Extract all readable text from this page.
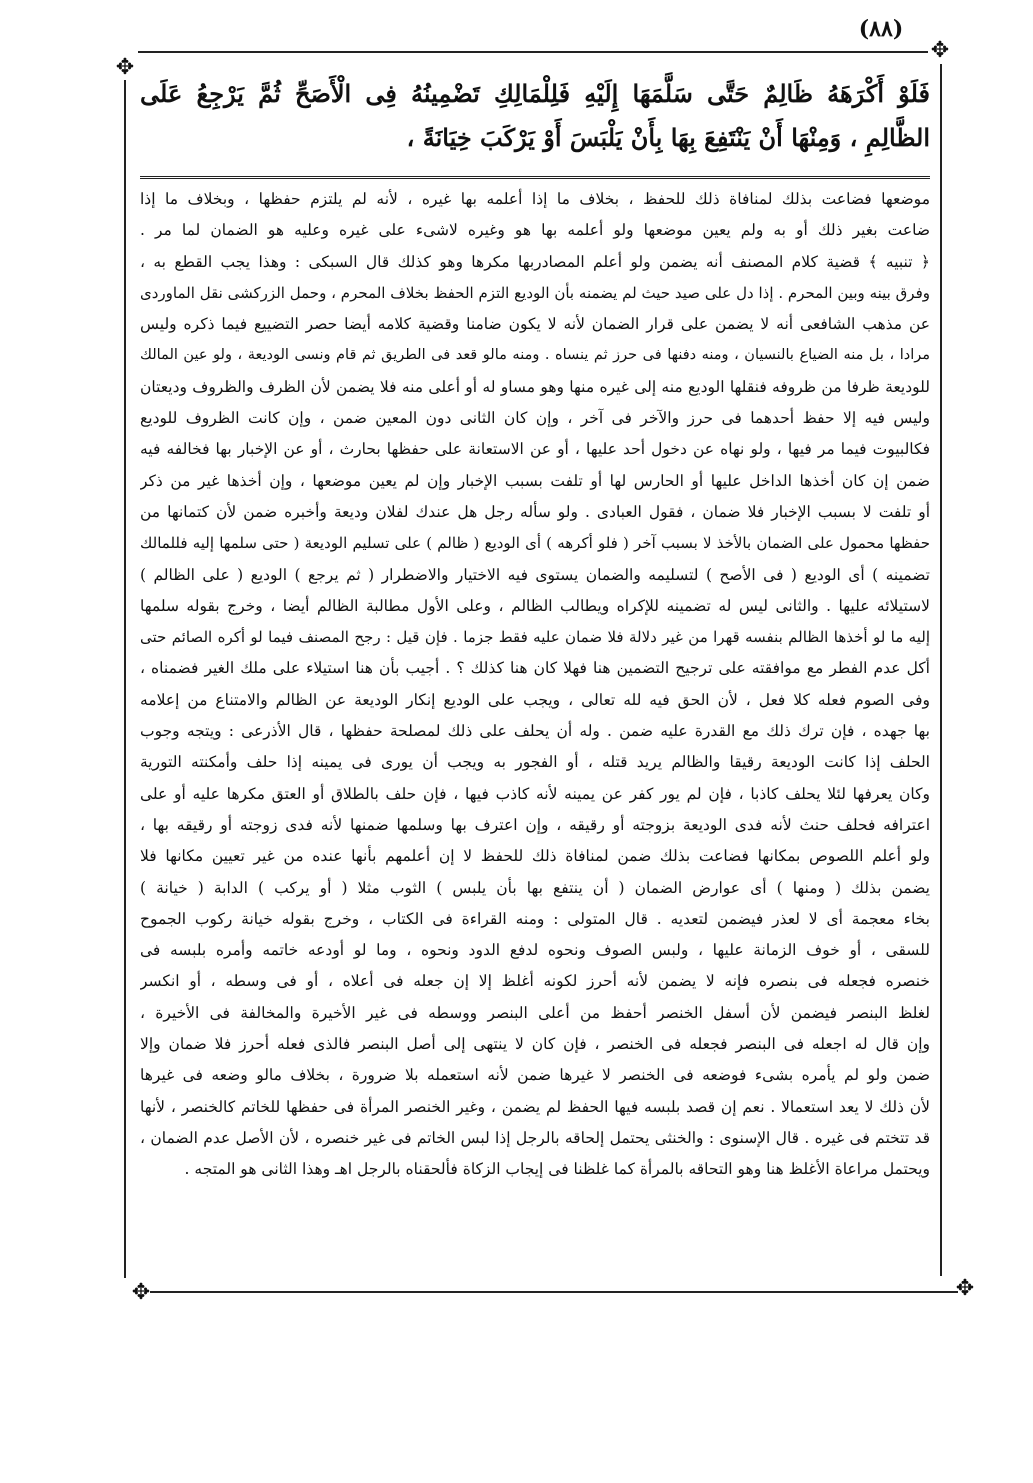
(٨٨)
✥
✥
✥
✥
فَلَوْ أَكْرَهَهُ ظَالِمٌ حَتَّى سَلَّمَهَا إِلَيْهِ فَلِلْمَالِكِ تَضْمِينُهُ فِى الْأَصَحِّ ثُمَّ يَرْجِعُ عَلَى الظَّالِمِ ، وَمِنْهَا أَنْ يَنْتَفِعَ بِهَا بِأَنْ يَلْبَسَ أَوْ يَرْكَبَ خِيَانَةً ،
موضعها فضاعت بذلك لمنافاة ذلك للحفظ ، بخلاف ما إذا أعلمه بها غيره ، لأنه لم يلتزم حفظها ، وبخلاف ما إذا
ضاعت بغير ذلك أو به ولم يعين موضعها ولو أعلمه بها هو وغيره لاشىء على غيره وعليه هو الضمان لما مر .
﴿ تنبيه ﴾ قضية كلام المصنف أنه يضمن ولو أعلم المصادربها مكرها وهو كذلك قال السبكى : وهذا يجب القطع به ،
وفرق بينه وبين المحرم . إذا دل على صيد حيث لم يضمنه بأن الوديع التزم الحفظ بخلاف المحرم ، وحمل الزركشى نقل الماوردى
عن مذهب الشافعى أنه لا يضمن على قرار الضمان لأنه لا يكون ضامنا وقضية كلامه أيضا حصر التضييع فيما ذكره وليس
مرادا ، بل منه الضياع بالنسيان ، ومنه دفنها فى حرز ثم ينساه . ومنه مالو قعد فى الطريق ثم قام ونسى الوديعة ، ولو عين المالك
للوديعة ظرفا من ظروفه فنقلها الوديع منه إلى غيره منها وهو مساو له أو أعلى منه فلا يضمن لأن الظرف والظروف وديعتان
وليس فيه إلا حفظ أحدهما فى حرز والآخر فى آخر ، وإن كان الثانى دون المعين ضمن ، وإن كانت الظروف للوديع
فكالبيوت فيما مر فيها ، ولو نهاه عن دخول أحد عليها ، أو عن الاستعانة على حفظها بحارث ، أو عن الإخبار بها فخالفه فيه
ضمن إن كان أخذها الداخل عليها أو الحارس لها أو تلفت بسبب الإخبار وإن لم يعين موضعها ، وإن أخذها غير من ذكر
أو تلفت لا بسبب الإخبار فلا ضمان ، فقول العبادى . ولو سأله رجل هل عندك لفلان وديعة وأخبره ضمن لأن كتمانها من
حفظها محمول على الضمان بالأخذ لا بسبب آخر ( فلو أكرهه ) أى الوديع ( ظالم ) على تسليم الوديعة ( حتى سلمها إليه فللمالك
تضمينه ) أى الوديع ( فى الأصح ) لتسليمه والضمان يستوى فيه الاختيار والاضطرار ( ثم يرجع ) الوديع ( على الظالم )
لاستيلائه عليها . والثانى ليس له تضمينه للإكراه ويطالب الظالم ، وعلى الأول مطالبة الظالم أيضا ، وخرج بقوله سلمها
إليه ما لو أخذها الظالم بنفسه قهرا من غير دلالة فلا ضمان عليه فقط جزما . فإن قيل : رجح المصنف فيما لو أكره الصائم حتى
أكل عدم الفطر مع موافقته على ترجيح التضمين هنا فهلا كان هنا كذلك ؟ . أجيب بأن هنا استيلاء على ملك الغير فضمناه ،
وفى الصوم فعله كلا فعل ، لأن الحق فيه لله تعالى ، ويجب على الوديع إنكار الوديعة عن الظالم والامتناع من إعلامه
بها جهده ، فإن ترك ذلك مع القدرة عليه ضمن . وله أن يحلف على ذلك لمصلحة حفظها ، قال الأذرعى : ويتجه وجوب
الحلف إذا كانت الوديعة رقيقا والظالم يريد قتله ، أو الفجور به ويجب أن يورى فى يمينه إذا حلف وأمكنته التورية
وكان يعرفها لئلا يحلف كاذبا ، فإن لم يور كفر عن يمينه لأنه كاذب فيها ، فإن حلف بالطلاق أو العتق مكرها عليه أو على
اعترافه فحلف حنث لأنه فدى الوديعة بزوجته أو رقيقه ، وإن اعترف بها وسلمها ضمنها لأنه فدى زوجته أو رقيقه بها ،
ولو أعلم اللصوص بمكانها فضاعت بذلك ضمن لمنافاة ذلك للحفظ لا إن أعلمهم بأنها عنده من غير تعيين مكانها فلا
يضمن بذلك ( ومنها ) أى عوارض الضمان ( أن ينتفع بها بأن يلبس ) الثوب مثلا ( أو يركب ) الدابة ( خيانة )
بخاء معجمة أى لا لعذر فيضمن لتعديه . قال المتولى : ومنه القراءة فى الكتاب ، وخرج بقوله خيانة ركوب الجموح
للسقى ، أو خوف الزمانة عليها ، ولبس الصوف ونحوه لدفع الدود ونحوه ، وما لو أودعه خاتمه وأمره بلبسه فى
خنصره فجعله فى بنصره فإنه لا يضمن لأنه أحرز لكونه أغلظ إلا إن جعله فى أعلاه ، أو فى وسطه ، أو انكسر
لغلظ البنصر فيضمن لأن أسفل الخنصر أحفظ من أعلى البنصر ووسطه فى غير الأخيرة والمخالفة فى الأخيرة ،
وإن قال له اجعله فى البنصر فجعله فى الخنصر ، فإن كان لا ينتهى إلى أصل البنصر فالذى فعله أحرز فلا ضمان وإلا
ضمن ولو لم يأمره بشىء فوضعه فى الخنصر لا غيرها ضمن لأنه استعمله بلا ضرورة ، بخلاف مالو وضعه فى غيرها
لأن ذلك لا يعد استعمالا . نعم إن قصد بلبسه فيها الحفظ لم يضمن ، وغير الخنصر المرأة فى حفظها للخاتم كالخنصر ، لأنها
قد تتختم فى غيره . قال الإسنوى : والخنثى يحتمل إلحاقه بالرجل إذا لبس الخاتم فى غير خنصره ، لأن الأصل عدم الضمان ،
ويحتمل مراعاة الأغلظ هنا وهو التحاقه بالمرأة كما غلظنا فى إيجاب الزكاة فألحقناه بالرجل اهـ وهذا الثانى هو المتجه .
